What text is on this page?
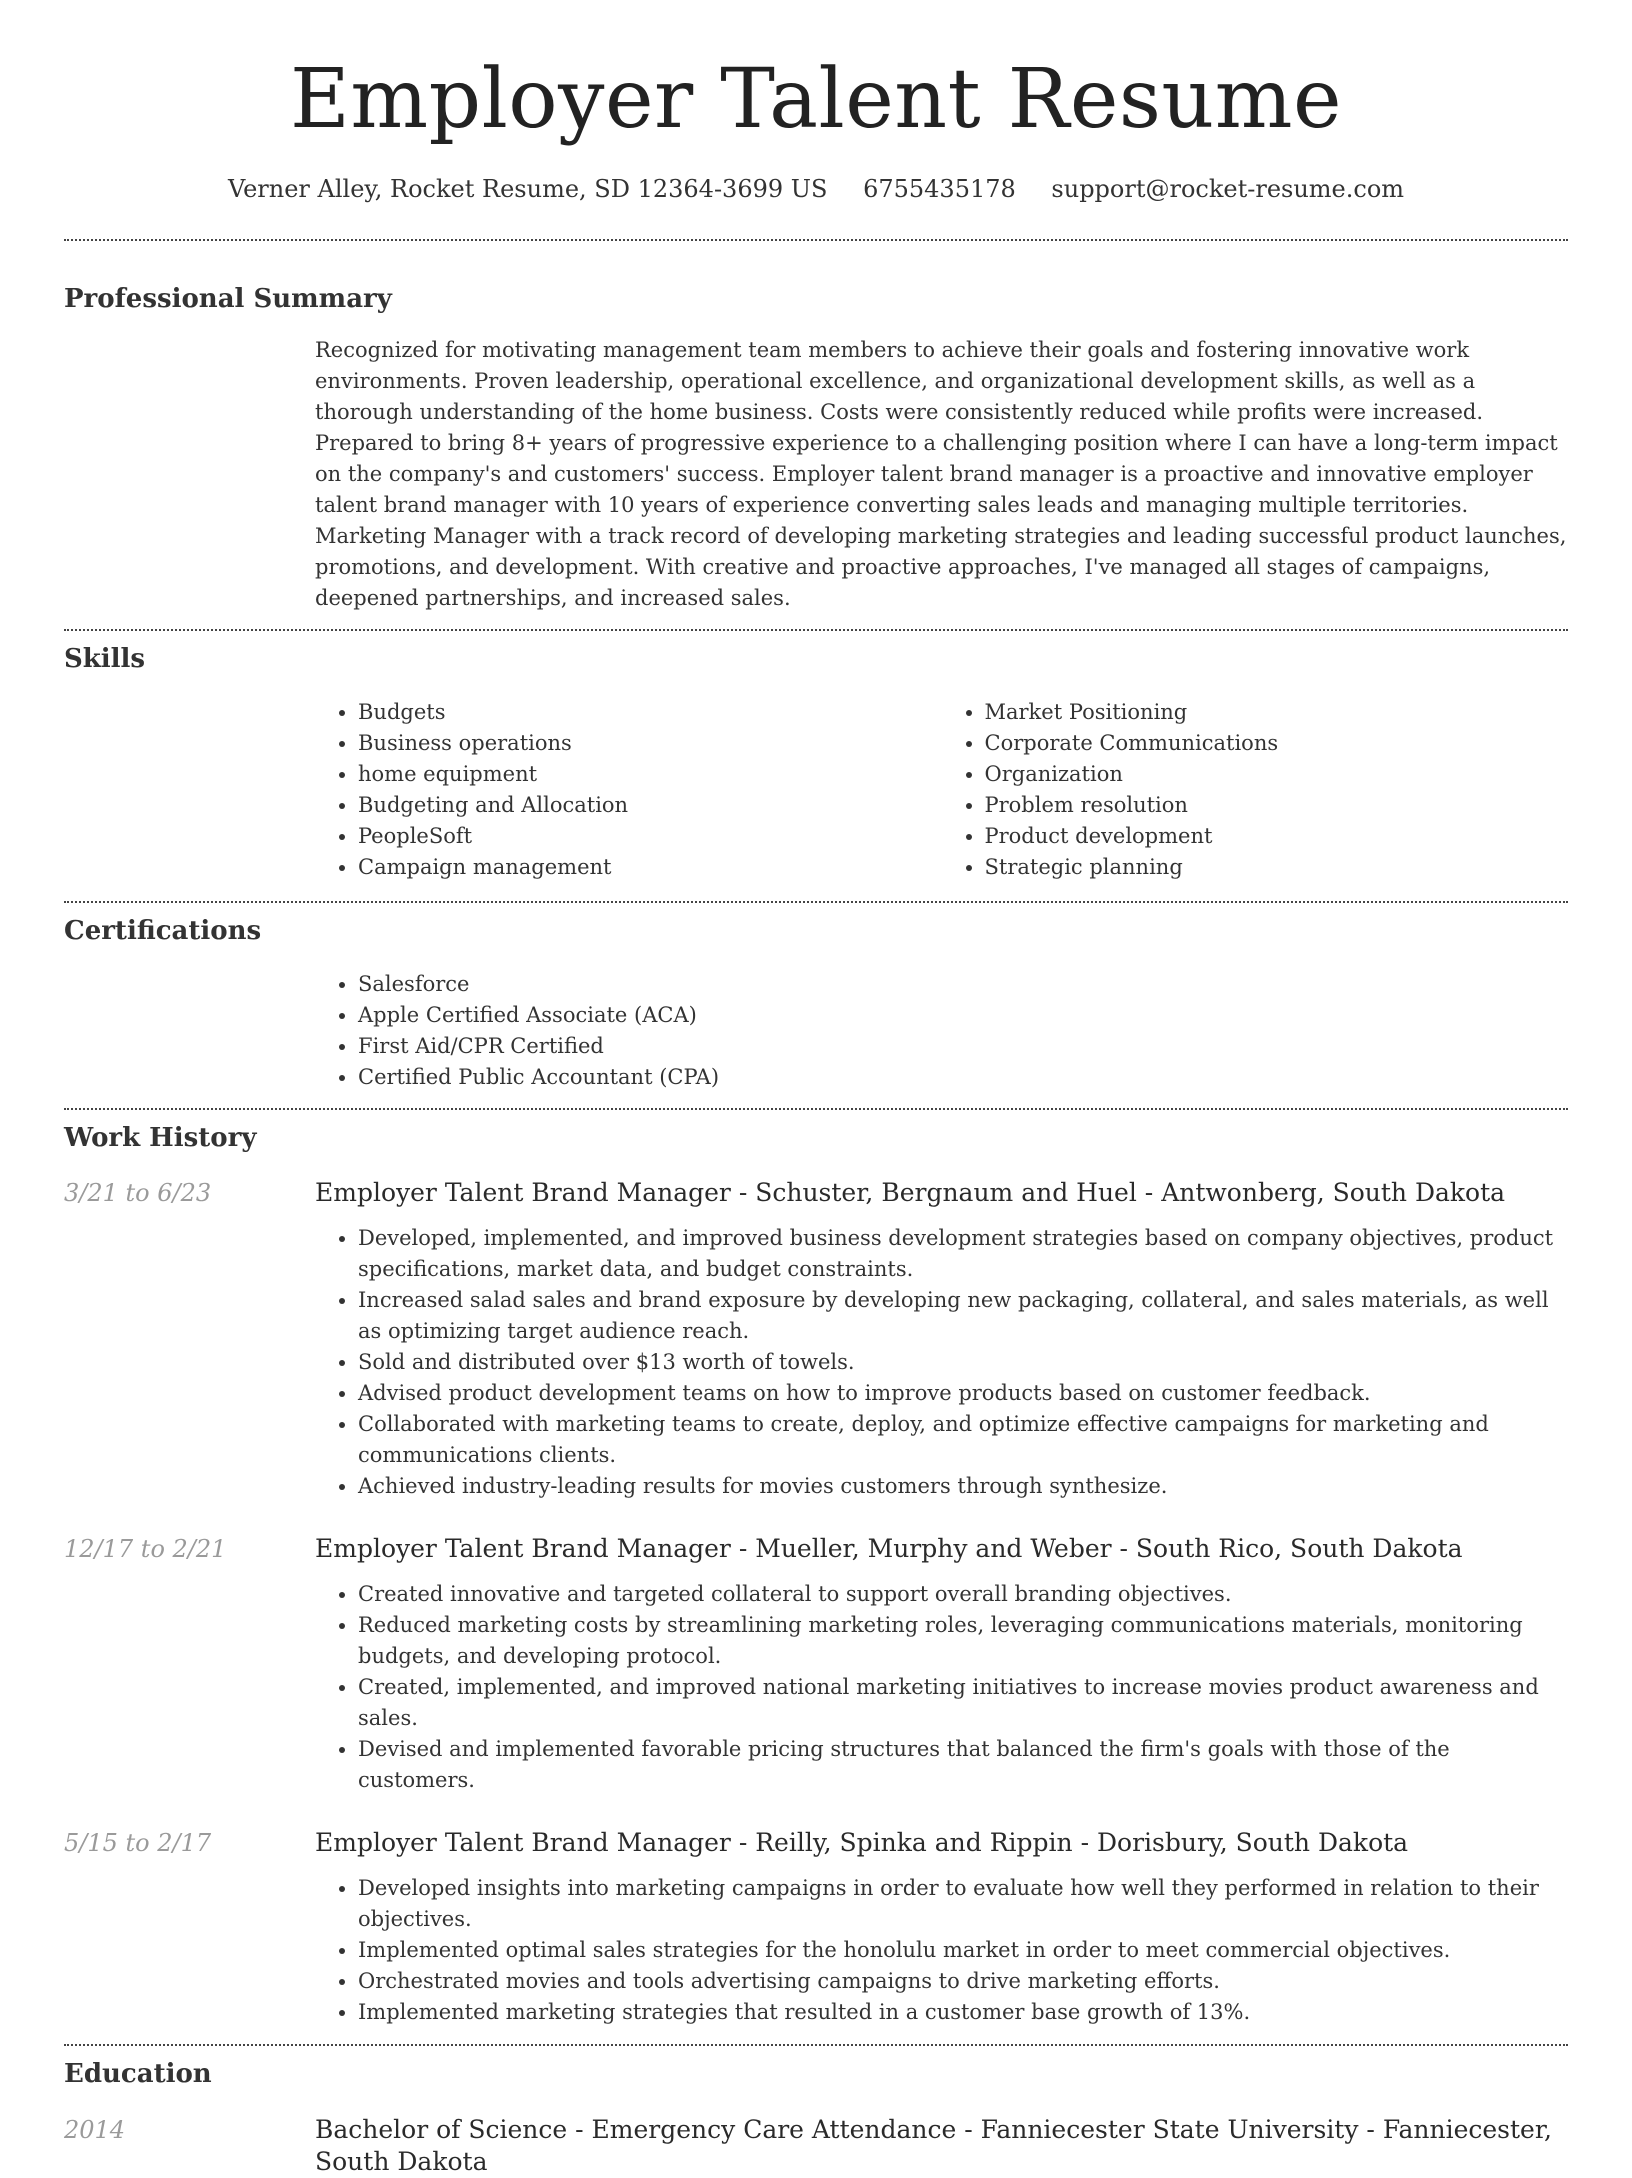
Employer Talent Resume
Verner Alley, Rocket Resume, SD 12364-3699 US 6755435178 support@rocket-resume.com
Professional Summary
Recognized for motivating management team members to achieve their goals and fostering innovative work environments. Proven leadership, operational excellence, and organizational development skills, as well as a thorough understanding of the home business. Costs were consistently reduced while profits were increased. Prepared to bring 8+ years of progressive experience to a challenging position where I can have a long-term impact on the company's and customers' success. Employer talent brand manager is a proactive and innovative employer talent brand manager with 10 years of experience converting sales leads and managing multiple territories. Marketing Manager with a track record of developing marketing strategies and leading successful product launches, promotions, and development. With creative and proactive approaches, I've managed all stages of campaigns, deepened partnerships, and increased sales.
Skills
• Budgets
• Business operations
• home equipment
• Budgeting and Allocation
• PeopleSoft
• Campaign management
• Market Positioning
• Corporate Communications
• Organization
• Problem resolution
• Product development
• Strategic planning
Certifications
• Salesforce
• Apple Certified Associate (ACA)
• First Aid/CPR Certified
• Certified Public Accountant (CPA)
Work History
3/21 to 6/23	Employer Talent Brand Manager - Schuster, Bergnaum and Huel - Antwonberg, South Dakota
• Developed, implemented, and improved business development strategies based on company objectives, product specifications, market data, and budget constraints.
• Increased salad sales and brand exposure by developing new packaging, collateral, and sales materials, as well as optimizing target audience reach.
• Sold and distributed over $13 worth of towels.
• Advised product development teams on how to improve products based on customer feedback.
• Collaborated with marketing teams to create, deploy, and optimize effective campaigns for marketing and communications clients.
• Achieved industry-leading results for movies customers through synthesize.
12/17 to 2/21	Employer Talent Brand Manager - Mueller, Murphy and Weber - South Rico, South Dakota
• Created innovative and targeted collateral to support overall branding objectives.
• Reduced marketing costs by streamlining marketing roles, leveraging communications materials, monitoring budgets, and developing protocol.
• Created, implemented, and improved national marketing initiatives to increase movies product awareness and sales.
• Devised and implemented favorable pricing structures that balanced the firm's goals with those of the customers.
5/15 to 2/17	Employer Talent Brand Manager - Reilly, Spinka and Rippin - Dorisbury, South Dakota
• Developed insights into marketing campaigns in order to evaluate how well they performed in relation to their objectives.
• Implemented optimal sales strategies for the honolulu market in order to meet commercial objectives.
• Orchestrated movies and tools advertising campaigns to drive marketing efforts.
• Implemented marketing strategies that resulted in a customer base growth of 13%.
Education
2014	Bachelor of Science - Emergency Care Attendance - Fanniecester State University - Fanniecester, South Dakota
